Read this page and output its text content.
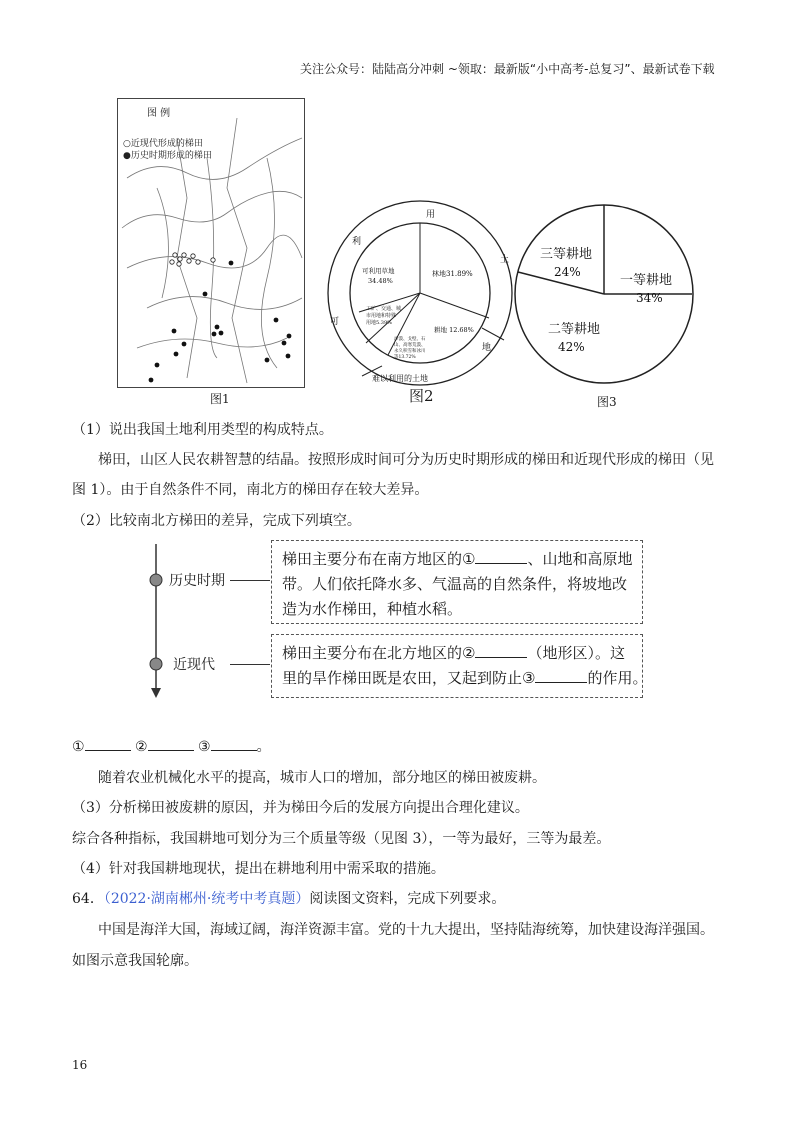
关注公众号：陆陆高分冲刺 ~领取：最新版“小中高考-总复习”、最新试卷下载
图 例
○近现代形成的梯田
●历史时期形成的梯田
图1
林地31.89%
可利用草地
34.48%
工矿、交通、城
市用地和特殊
用地5.39%
耕地 12.68%
沙漠、戈壁、石
山、高寒荒漠、
永久积雪和冰川
等13.72%
用
利
可
土
地
难以利用的土地
图2
三等耕地
24%
一等耕地
34%
二等耕地
42%
图3
（1）说出我国土地利用类型的构成特点。
梯田，山区人民农耕智慧的结晶。按照形成时间可分为历史时期形成的梯田和近现代形成的梯田（见
图 1）。由于自然条件不同，南北方的梯田存在较大差异。
（2）比较南北方梯田的差异，完成下列填空。
历史时期
近现代
梯田主要分布在南方地区的①	、山地和高原地
带。人们依托降水多、气温高的自然条件，将坡地改
造为水作梯田，种植水稻。
梯田主要分布在北方地区的②	（地形区）。这
里的旱作梯田既是农田，又起到防止③	的作用。
①	②	③	。
随着农业机械化水平的提高，城市人口的增加，部分地区的梯田被废耕。
（3）分析梯田被废耕的原因，并为梯田今后的发展方向提出合理化建议。
综合各种指标，我国耕地可划分为三个质量等级（见图 3），一等为最好，三等为最差。
（4）针对我国耕地现状，提出在耕地利用中需采取的措施。
64．（2022·湖南郴州·统考中考真题）阅读图文资料，完成下列要求。
中国是海洋大国，海域辽阔，海洋资源丰富。党的十九大提出，坚持陆海统筹，加快建设海洋强国。
如图示意我国轮廓。
16
